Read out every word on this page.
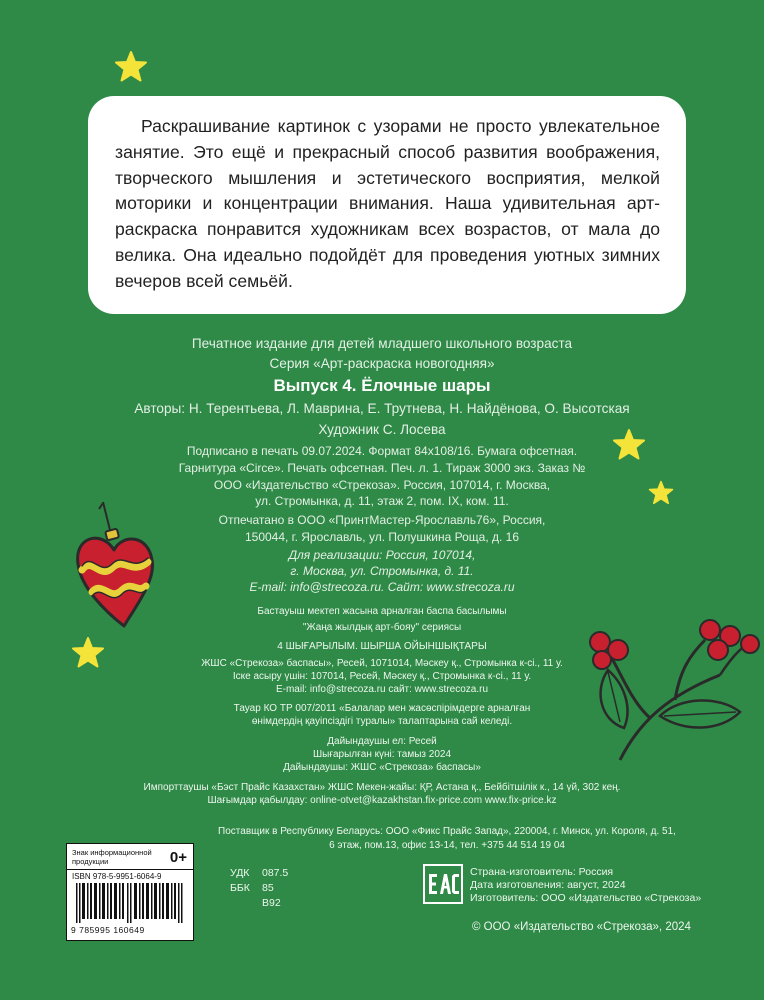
Раскрашивание картинок с узорами не просто увлекательное занятие. Это ещё и прекрасный способ развития воображения, творческого мышления и эстетического восприятия, мелкой моторики и концентрации внимания. Наша удивительная арт-раскраска понравится художникам всех возрастов, от мала до велика. Она идеально подойдёт для проведения уютных зимних вечеров всей семьёй.

Печатное издание для детей младшего школьного возраста
Серия «Арт-раскраска новогодняя»
Выпуск 4. Ёлочные шары
Авторы: Н. Терентьева, Л. Маврина, Е. Трутнева, Н. Найдёнова, О. Высотская
Художник С. Лосева
Подписано в печать 09.07.2024. Формат 84x108/16. Бумага офсетная.
Гарнитура «Circe». Печать офсетная. Печ. л. 1. Тираж 3000 экз. Заказ №
ООО «Издательство «Стрекоза». Россия, 107014, г. Москва,
ул. Стромынка, д. 11, этаж 2, пом. IX, ком. 11.
Отпечатано в ООО «ПринтМастер-Ярославль76», Россия,
150044, г. Ярославль, ул. Полушкина Роща, д. 16
Для реализации: Россия, 107014,
г. Москва, ул. Стромынка, д. 11.
E-mail: info@strecoza.ru. Сайт: www.strecoza.ru
Бастауыш мектеп жасына арналған баспа басылымы
"Жаңа жылдық арт-бояу" сериясы
4 ШЫҒАРЫЛЫМ. ШЫРША ОЙЫНШЫҚТАРЫ
ЖШС «Стрекоза» баспасы», Ресей, 1071014, Мәскеу қ., Стромынка к-сі., 11 у.
Іске асыру үшін: 107014, Ресей, Мәскеу қ., Стромынка к-сі., 11 у.
E-mail: info@strecoza.ru сайт: www.strecoza.ru
Тауар КО ТР 007/2011 «Балалар мен жасөспірімдерге арналған
өнімдердің қауіпсіздігі туралы» талаптарына сай келеді.
Дайындаушы ел: Ресей
Шығарылған күні: тамыз 2024
Дайындаушы: ЖШС «Стрекоза» баспасы»
Импорттаушы «Бэст Прайс Казахстан» ЖШС Мекен-жайы: ҚР, Астана қ., Бейбітшілік к., 14 үй, 302 кең.
Шағымдар қабылдау: online-otvet@kazakhstan.fix-price.com www.fix-price.kz
Поставщик в Республику Беларусь: ООО «Фикс Прайс Запад», 220004, г. Минск, ул. Короля, д. 51,
6 этаж, пом.13, офис 13-14, тел. +375 44 514 19 04
Знак информационной продукции	0+
ISBN 978-5-9951-6064-9
9 785995 160649
УДК 087.5
ББК 85
В92
Страна-изготовитель: Россия
Дата изготовления: август, 2024
Изготовитель: ООО «Издательство «Стрекоза»
© ООО «Издательство «Стрекоза», 2024
